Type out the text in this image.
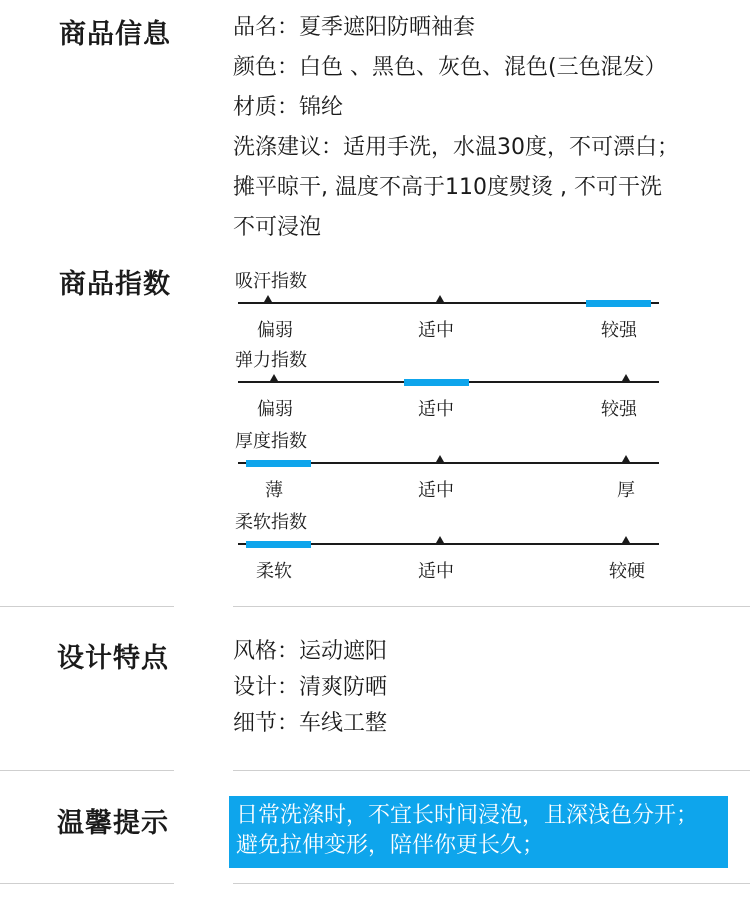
商品信息	品名：夏季遮阳防晒袖套
颜色：白色 、黑色、灰色、混色(三色混发）
材质：锦纶
洗涤建议：适用手洗，水温30度，不可漂白；
摊平晾干, 温度不高于110度熨烫 , 不可干洗
不可浸泡
商品指数	吸汗指数
偏弱	适中	较强
弹力指数
偏弱	适中	较强
厚度指数
薄	适中	厚
柔软指数
柔软	适中	较硬
设计特点	风格：运动遮阳
设计：清爽防晒
细节：车线工整
温馨提示	日常洗涤时，不宜长时间浸泡，且深浅色分开；
避免拉伸变形，陪伴你更长久；
